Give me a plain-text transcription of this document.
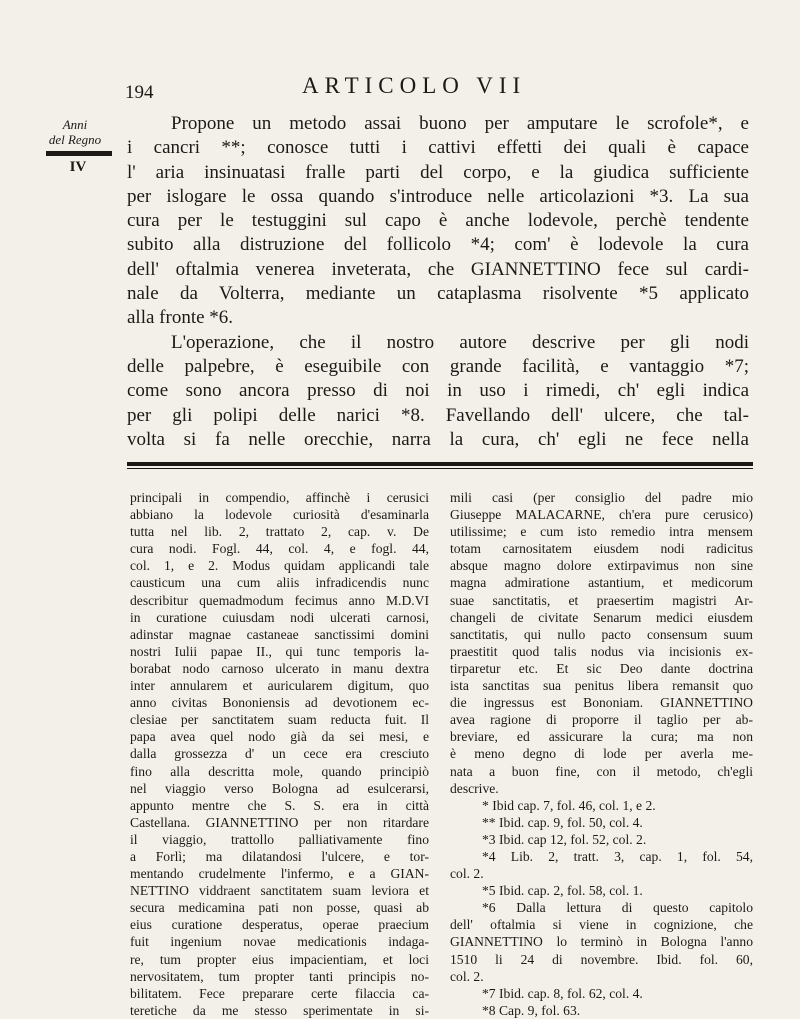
Anni
del Regno
IV
194	ARTICOLO VII
Propone un metodo assai buono per amputare le scrofole*, e
i cancri **; conosce tutti i cattivi effetti dei quali è capace
l' aria insinuatasi fralle parti del corpo, e la giudica sufficiente
per islogare le ossa quando s'introduce nelle articolazioni *3. La sua
cura per le testuggini sul capo è anche lodevole, perchè tendente
subito alla distruzione del follicolo *4; com' è lodevole la cura
dell' oftalmia venerea inveterata, che GIANNETTINO fece sul cardi-
nale da Volterra, mediante un cataplasma risolvente *5 applicato
alla fronte *6.
L'operazione, che il nostro autore descrive per gli nodi
delle palpebre, è eseguibile con grande facilità, e vantaggio *7;
come sono ancora presso di noi in uso i rimedi, ch' egli indica
per gli polipi delle narici *8. Favellando dell' ulcere, che tal-
volta si fa nelle orecchie, narra la cura, ch' egli ne fece nella
principali in compendio, affinchè i cerusici
abbiano la lodevole curiosità d'esaminarla
tutta nel lib. 2, trattato 2, cap. v. De
cura nodi. Fogl. 44, col. 4, e fogl. 44,
col. 1, e 2. Modus quidam applicandi tale
causticum una cum aliis infradicendis nunc
describitur quemadmodum fecimus anno M.D.VI
in curatione cuiusdam nodi ulcerati carnosi,
adinstar magnae castaneae sanctissimi domini
nostri Iulii papae II., qui tunc temporis la-
borabat nodo carnoso ulcerato in manu dextra
inter annularem et auricularem digitum, quo
anno civitas Bononiensis ad devotionem ec-
clesiae per sanctitatem suam reducta fuit. Il
papa avea quel nodo già da sei mesi, e
dalla grossezza d' un cece era cresciuto
fino alla descritta mole, quando principiò
nel viaggio verso Bologna ad esulcerarsi,
appunto mentre che S. S. era in città
Castellana. GIANNETTINO per non ritardare
il viaggio, trattollo palliativamente fino
a Forlì; ma dilatandosi l'ulcere, e tor-
mentando crudelmente l'infermo, e a GIAN-
NETTINO viddraent sanctitatem suam leviora et
secura medicamina pati non posse, quasi ab
eius curatione desperatus, operae praecium
fuit ingenium novae medicationis indaga-
re, tum propter eius impacientiam, et loci
nervositatem, tum propter tanti principis no-
bilitatem. Fece preparare certe filaccia ca-
teretiche da me stesso sperimentate in si-
mili casi (per consiglio del padre mio
Giuseppe MALACARNE, ch'era pure cerusico)
utilissime; e cum isto remedio intra mensem
totam carnositatem eiusdem nodi radicitus
absque magno dolore extirpavimus non sine
magna admiratione astantium, et medicorum
suae sanctitatis, et praesertim magistri Ar-
changeli de civitate Senarum medici eiusdem
sanctitatis, qui nullo pacto consensum suum
praestitit quod talis nodus via incisionis ex-
tirparetur etc. Et sic Deo dante doctrina
ista sanctitas sua penitus libera remansit quo
die ingressus est Bononiam. GIANNETTINO
avea ragione di proporre il taglio per ab-
breviare, ed assicurare la cura; ma non
è meno degno di lode per averla me-
nata a buon fine, con il metodo, ch'egli
descrive.
* Ibid cap. 7, fol. 46, col. 1, e 2.
** Ibid. cap. 9, fol. 50, col. 4.
*3 Ibid. cap 12, fol. 52, col. 2.
*4 Lib. 2, tratt. 3, cap. 1, fol. 54,
col. 2.
*5 Ibid. cap. 2, fol. 58, col. 1.
*6 Dalla lettura di questo capitolo
dell' oftalmia si viene in cognizione, che
GIANNETTINO lo terminò in Bologna l'anno
1510 li 24 di novembre. Ibid. fol. 60,
col. 2.
*7 Ibid. cap. 8, fol. 62, col. 4.
*8 Cap. 9, fol. 63.
